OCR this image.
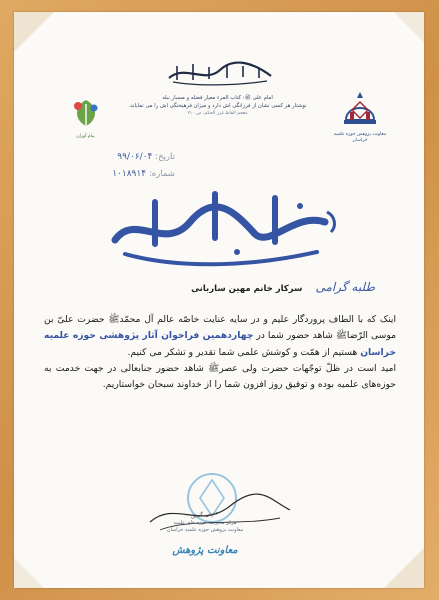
امام علی ﷺ: کتاب المرء معیار فضله و مسبار نبله
نوشتار هر کسی نشان از فرزانگی اش دارد و میزان فرهیختگی اش را می نمایاند.
معجم الفاظ غرر الحکم، ص ۲۱۰
معاونت پژوهش حوزه علمیه خراسان
پیام آوران
تاریخ: ۹۹/۰۶/۰۴
شماره: ۱۰۱۸۹۱۴
طلبه گرامی سرکار خانم مهین ساربانی
اینک که با الطاف پروردگار علیم و در سایه عنایت خاصّه عالم آل محمّدﷺ حضرت علیّ بن موسی الرّضاﷺ شاهد حضور شما در چهاردهمین فراخوان آثار پژوهشی حوزه علمیه خراسان هستیم از همّت و کوشش علمی شما تقدیر و تشکر می کنیم.
امید است در ظلّ توجّهات حضرت ولی عصرﷺ شاهد حضور جنابعالی در جهت خدمت به حوزه‌های علمیه بوده و توفیق روز افزون شما را از خداوند سبحان خواستاریم.
حسین گنجی
مرکز مدیریت حوزه های علمیه
معاونت پژوهش حوزه علمیه خراسان
معاونت پژوهش
